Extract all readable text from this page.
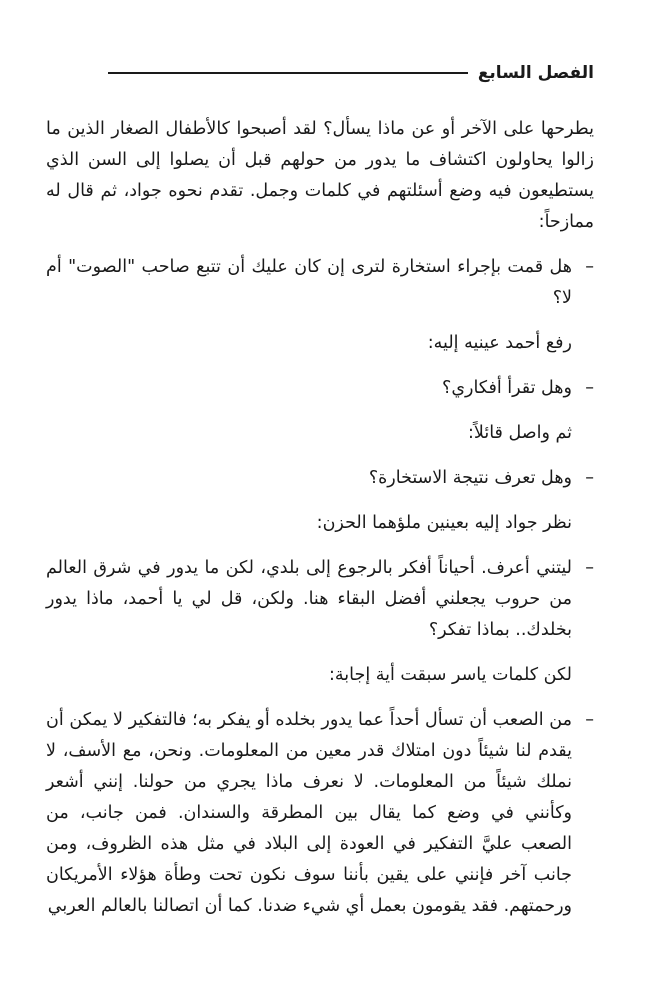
الفصل السابع

يطرحها على الآخر أو عن ماذا يسأل؟ لقد أصبحوا كالأطفال الصغار الذين ما زالوا يحاولون اكتشاف ما يدور من حولهم قبل أن يصلوا إلى السن الذي يستطيعون فيه وضع أسئلتهم في كلمات وجمل. تقدم نحوه جواد، ثم قال له ممازحاً:

–

هل قمت بإجراء استخارة لترى إن كان عليك أن تتبع صاحب "الصوت" أم لا؟

رفع أحمد عينيه إليه:

–

وهل تقرأ أفكاري؟

ثم واصل قائلاً:

–

وهل تعرف نتيجة الاستخارة؟

نظر جواد إليه بعينين ملؤهما الحزن:

–

ليتني أعرف. أحياناً أفكر بالرجوع إلى بلدي، لكن ما يدور في شرق العالم من حروب يجعلني أفضل البقاء هنا. ولكن، قل لي يا أحمد، ماذا يدور بخلدك.. بماذا تفكر؟

لكن كلمات ياسر سبقت أية إجابة:

–

من الصعب أن تسأل أحداً عما يدور بخلده أو يفكر به؛ فالتفكير لا يمكن أن يقدم لنا شيئاً دون امتلاك قدر معين من المعلومات. ونحن، مع الأسف، لا نملك شيئاً من المعلومات. لا نعرف ماذا يجري من حولنا. إنني أشعر وكأنني في وضع كما يقال بين المطرقة والسندان. فمن جانب، من الصعب عليَّ التفكير في العودة إلى البلاد في مثل هذه الظروف، ومن جانب آخر فإنني على يقين بأننا سوف نكون تحت وطأة هؤلاء الأمريكان ورحمتهم. فقد يقومون بعمل أي شيء ضدنا. كما أن اتصالنا بالعالم العربي
